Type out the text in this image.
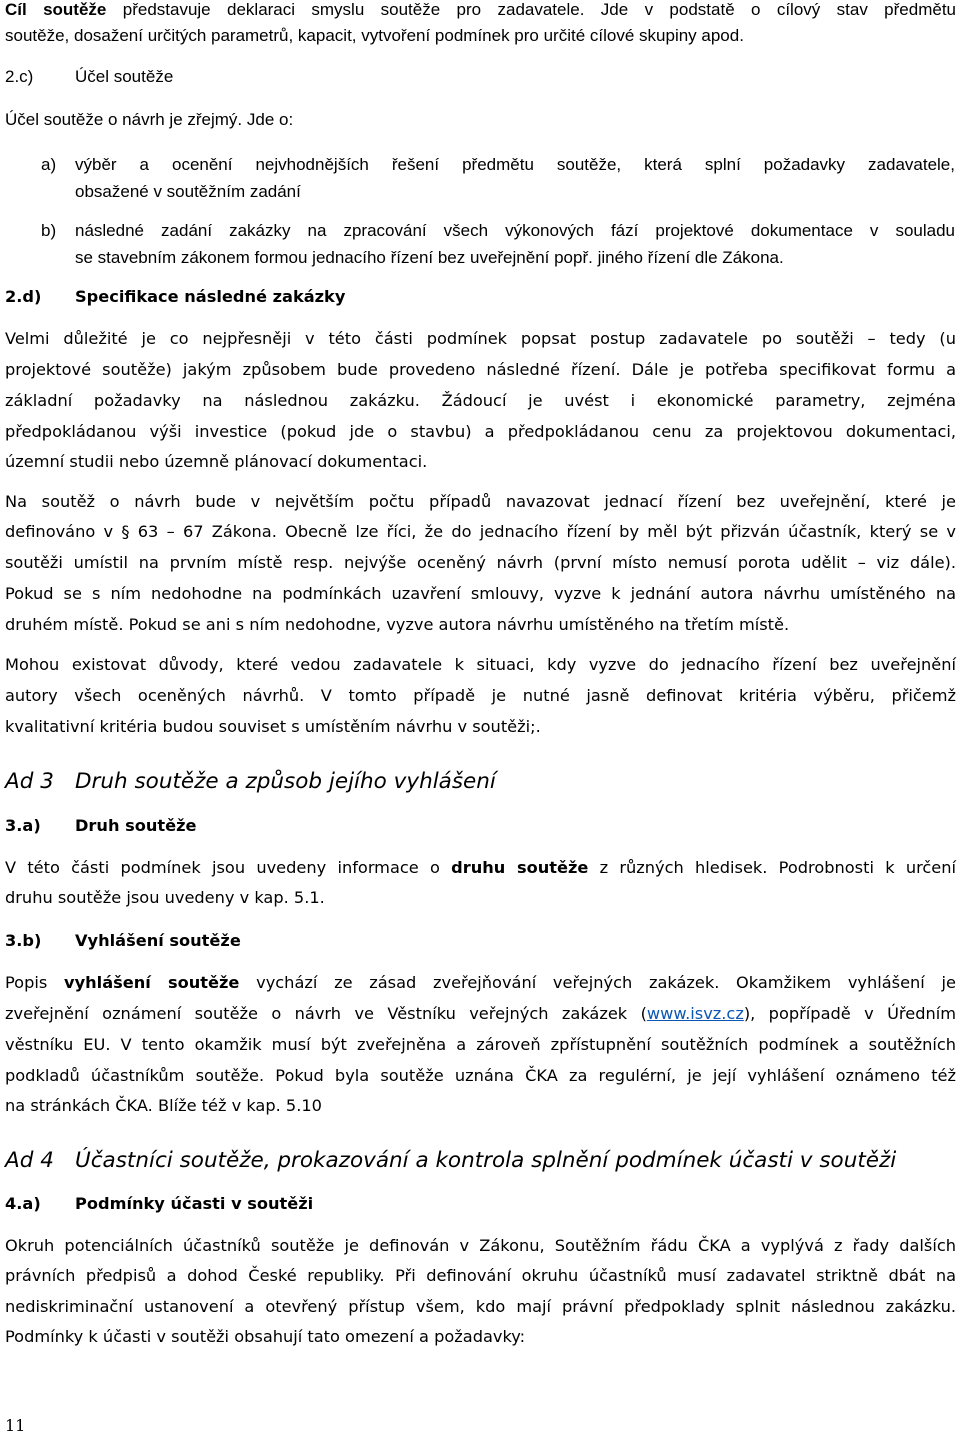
Cíl soutěže představuje deklaraci smyslu soutěže pro zadavatele. Jde v podstatě o cílový stav předmětu
soutěže, dosažení určitých parametrů, kapacit, vytvoření podmínek pro určité cílové skupiny apod.
2.c) Účel soutěže
Účel soutěže o návrh je zřejmý. Jde o:
a) výběr a ocenění nejvhodnějších řešení předmětu soutěže, která splní požadavky zadavatele,
obsažené v soutěžním zadání
b) následné zadání zakázky na zpracování všech výkonových fází projektové dokumentace v souladu
se stavebním zákonem formou jednacího řízení bez uveřejnění popř. jiného řízení dle Zákona.
2.d) Specifikace následné zakázky
Velmi důležité je co nejpřesněji v této části podmínek popsat postup zadavatele po soutěži – tedy (u
projektové soutěže) jakým způsobem bude provedeno následné řízení. Dále je potřeba specifikovat formu a
základní požadavky na následnou zakázku. Žádoucí je uvést i ekonomické parametry, zejména
předpokládanou výši investice (pokud jde o stavbu) a předpokládanou cenu za projektovou dokumentaci,
územní studii nebo územně plánovací dokumentaci.
Na soutěž o návrh bude v největším počtu případů navazovat jednací řízení bez uveřejnění, které je
definováno v § 63 – 67 Zákona. Obecně lze říci, že do jednacího řízení by měl být přizván účastník, který se v
soutěži umístil na prvním místě resp. nejvýše oceněný návrh (první místo nemusí porota udělit – viz dále).
Pokud se s ním nedohodne na podmínkách uzavření smlouvy, vyzve k jednání autora návrhu umístěného na
druhém místě. Pokud se ani s ním nedohodne, vyzve autora návrhu umístěného na třetím místě.
Mohou existovat důvody, které vedou zadavatele k situaci, kdy vyzve do jednacího řízení bez uveřejnění
autory všech oceněných návrhů. V tomto případě je nutné jasně definovat kritéria výběru, přičemž
kvalitativní kritéria budou souviset s umístěním návrhu v soutěži;.
Ad 3 Druh soutěže a způsob jejího vyhlášení
3.a) Druh soutěže
V této části podmínek jsou uvedeny informace o druhu soutěže z různých hledisek. Podrobnosti k určení
druhu soutěže jsou uvedeny v kap. 5.1.
3.b) Vyhlášení soutěže
Popis vyhlášení soutěže vychází ze zásad zveřejňování veřejných zakázek. Okamžikem vyhlášení je
zveřejnění oznámení soutěže o návrh ve Věstníku veřejných zakázek (www.isvz.cz), popřípadě v Úředním
věstníku EU. V tento okamžik musí být zveřejněna a zároveň zpřístupnění soutěžních podmínek a soutěžních
podkladů účastníkům soutěže. Pokud byla soutěže uznána ČKA za regulérní, je její vyhlášení oznámeno též
na stránkách ČKA. Blíže též v kap. 5.10
Ad 4 Účastníci soutěže, prokazování a kontrola splnění podmínek účasti v soutěži
4.a) Podmínky účasti v soutěži
Okruh potenciálních účastníků soutěže je definován v Zákonu, Soutěžním řádu ČKA a vyplývá z řady dalších
právních předpisů a dohod České republiky. Při definování okruhu účastníků musí zadavatel striktně dbát na
nediskriminační ustanovení a otevřený přístup všem, kdo mají právní předpoklady splnit následnou zakázku.
Podmínky k účasti v soutěži obsahují tato omezení a požadavky:
11
